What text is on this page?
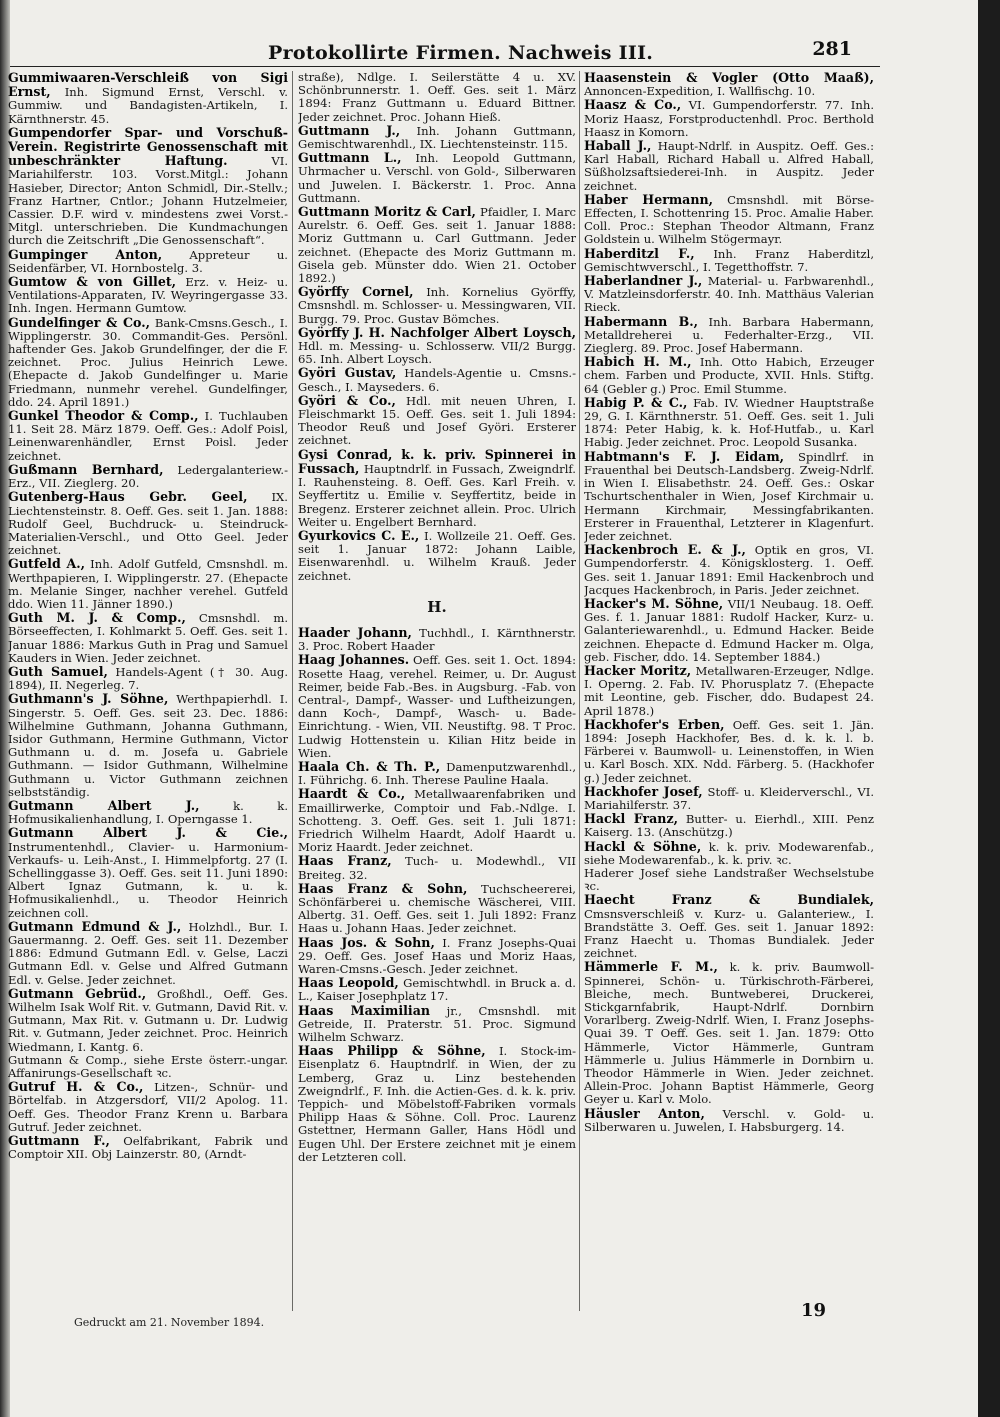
Protokollirte Firmen. Nachweis III.	281
Gummiwaaren-Verschleiß von Sigi Ernst, Inh. Sigmund Ernst, Verschl. v. Gummiw. und Bandagisten-Artikeln, I. Kärnthnerstr. 45.
Gumpendorfer Spar- und Vorschuß-Verein. Registrirte Genossenschaft mit unbeschränkter Haftung.	VI. Mariahilferstr. 103. Vorst.Mitgl.: Johann Hasieber, Director; Anton Schmidl, Dir.-Stellv.; Franz Hartner, Cntlor.; Johann Hutzelmeier, Cassier. D.F. wird v. mindestens zwei Vorst.-Mitgl. unterschrieben. Die Kundmachungen durch die Zeitschrift „Die Genossenschaft“.
Gumpinger Anton, Appreteur u. Seidenfärber, VI. Hornbostelg. 3.
Gumtow & von Gillet, Erz. v. Heiz- u. Ventilations-Apparaten, IV. Weyringergasse 33. Inh. Ingen. Hermann Gumtow.
Gundelfinger & Co., Bank-Cmsns.Gesch., I. Wipplingerstr. 30. Commandit-Ges. Persönl. haftender Ges. Jakob Grundelfinger, der die F. zeichnet. Proc. Julius Heinrich Lewe. (Ehepacte d. Jakob Gundelfinger u. Marie Friedmann, nunmehr verehel. Gundelfinger, ddo. 24. April 1891.)
Gunkel Theodor & Comp., I. Tuchlauben 11. Seit 28. März 1879. Oeff. Ges.: Adolf Poisl, Leinenwarenhändler, Ernst Poisl. Jeder zeichnet.
Gußmann Bernhard, Ledergalanteriew.-Erz., VII. Zieglerg. 20.
Gutenberg-Haus Gebr. Geel, IX. Liechtensteinstr. 8. Oeff. Ges. seit 1. Jan. 1888: Rudolf Geel, Buchdruck- u. Steindruck-Materialien-Verschl., und Otto Geel. Jeder zeichnet.
Gutfeld A., Inh. Adolf Gutfeld, Cmsnshdl. m. Werthpapieren, I. Wipplingerstr. 27. (Ehepacte m. Melanie Singer, nachher verehel. Gutfeld ddo. Wien 11. Jänner 1890.)
Guth M. J. & Comp., Cmsnshdl. m. Börseeffecten, I. Kohlmarkt 5. Oeff. Ges. seit 1. Januar 1886: Markus Guth in Prag und Samuel Kauders in Wien. Jeder zeichnet.
Guth Samuel, Handels-Agent († 30. Aug. 1894), II. Negerleg. 7.
Guthmann's J. Söhne, Werthpapierhdl. I. Singerstr. 5. Oeff. Ges. seit 23. Dec. 1886: Wilhelmine Guthmann, Johanna Guthmann, Isidor Guthmann, Hermine Guthmann, Victor Guthmann u. d. m. Josefa u. Gabriele Guthmann. — Isidor Guthmann, Wilhelmine Guthmann u. Victor Guthmann zeichnen selbstständig.
Gutmann Albert J.,	k. k. Hofmusikalienhandlung, I. Operngasse 1.
Gutmann Albert J. & Cie., Instrumentenhdl., Clavier- u. Harmonium-Verkaufs- u. Leih-Anst., I. Himmelpfortg. 27 (I. Schellinggasse 3). Oeff. Ges. seit 11. Juni 1890: Albert Ignaz Gutmann, k. u. k. Hofmusikalienhdl., u. Theodor Heinrich zeichnen coll.
Gutmann Edmund & J., Holzhdl., Bur. I. Gauermanng. 2. Oeff. Ges. seit 11. Dezember 1886: Edmund Gutmann Edl. v. Gelse, Laczi Gutmann Edl. v. Gelse und Alfred Gutmann Edl. v. Gelse. Jeder zeichnet.
Gutmann Gebrüd., Großhdl., Oeff. Ges. Wilhelm Isak Wolf Rit. v. Gutmann, David Rit. v. Gutmann, Max Rit. v. Gutmann u. Dr. Ludwig Rit. v. Gutmann, Jeder zeichnet. Proc. Heinrich Wiedmann, I. Kantg. 6.
Gutmann & Comp., siehe Erste österr.-ungar. Affanirungs-Gesellschaft ꝛc.
Gutruf H. & Co., Litzen-, Schnür- und Börtelfab. in Atzgersdorf, VII/2 Apolog. 11. Oeff. Ges. Theodor Franz Krenn u. Barbara Gutruf. Jeder zeichnet.
Guttmann F., Oelfabrikant, Fabrik und Comptoir XII. Obj Lainzerstr. 80, (Arndt-
straße), Ndlge. I. Seilerstätte 4 u. XV. Schönbrunnerstr. 1. Oeff. Ges. seit 1. März 1894: Franz Guttmann u. Eduard Bittner. Jeder zeichnet. Proc. Johann Hieß.
Guttmann J., Inh. Johann Guttmann, Gemischtwarenhdl., IX. Liechtensteinstr. 115.
Guttmann L., Inh. Leopold Guttmann, Uhrmacher u. Verschl. von Gold-, Silberwaren und Juwelen. I. Bäckerstr. 1. Proc. Anna Guttmann.
Guttmann Moritz & Carl, Pfaidler, I. Marc Aurelstr. 6. Oeff. Ges. seit 1. Januar 1888: Moriz Guttmann u. Carl Guttmann. Jeder zeichnet. (Ehepacte des Moriz Guttmann m. Gisela geb. Münster ddo. Wien 21. October 1892.)
Györffy Cornel, Inh. Kornelius Györffy, Cmsnshdl. m. Schlosser- u. Messingwaren, VII. Burgg. 79. Proc. Gustav Bömches.
Györffy J. H. Nachfolger Albert Loysch, Hdl. m. Messing- u. Schlosserw. VII/2 Burgg. 65. Inh. Albert Loysch.
Györi Gustav, Handels-Agentie u. Cmsns.-Gesch., I. Mayseders. 6.
Györi & Co., Hdl. mit neuen Uhren, I. Fleischmarkt 15. Oeff. Ges. seit 1. Juli 1894: Theodor Reuß und Josef Györi. Ersterer zeichnet.
Gysi Conrad, k. k. priv. Spinnerei in Fussach, Hauptndrlf. in Fussach, Zweigndrlf. I. Rauhensteing. 8. Oeff. Ges. Karl Freih. v. Seyffertitz u. Emilie v. Seyffertitz, beide in Bregenz. Ersterer zeichnet allein. Proc. Ulrich Weiter u. Engelbert Bernhard.
Gyurkovics C. E., I. Wollzeile 21. Oeff. Ges. seit 1. Januar 1872: Johann Laible, Eisenwarenhdl. u. Wilhelm Krauß. Jeder zeichnet.
H.
Haader Johann, Tuchhdl., I. Kärnthnerstr. 3. Proc. Robert Haader
Haag Johannes. Oeff. Ges. seit 1. Oct. 1894: Rosette Haag, verehel. Reimer, u. Dr. August Reimer, beide Fab.-Bes. in Augsburg. -Fab. von Central-, Dampf-, Wasser- und Luftheizungen, dann Koch-, Dampf-, Wasch- u. Bade-Einrichtung. - Wien, VII. Neustiftg. 98. T Proc. Ludwig Hottenstein u. Kilian Hitz beide in Wien.
Haala Ch. & Th. P., Damenputzwarenhdl., I. Führichg. 6. Inh. Therese Pauline Haala.
Haardt & Co., Metallwaarenfabriken und Emaillirwerke, Comptoir und Fab.-Ndlge. I. Schotteng. 3. Oeff. Ges. seit 1. Juli 1871: Friedrich Wilhelm Haardt, Adolf Haardt u. Moriz Haardt. Jeder zeichnet.
Haas Franz, Tuch- u. Modewhdl., VII Breiteg. 32.
Haas Franz & Sohn, Tuchscheererei, Schönfärberei u. chemische Wäscherei, VIII. Albertg. 31. Oeff. Ges. seit 1. Juli 1892: Franz Haas u. Johann Haas. Jeder zeichnet.
Haas Jos. & Sohn, I. Franz Josephs-Quai 29. Oeff. Ges. Josef Haas und Moriz Haas, Waren-Cmsns.-Gesch. Jeder zeichnet.
Haas Leopold, Gemischtwhdl. in Bruck a. d. L., Kaiser Josephplatz 17.
Haas Maximilian jr., Cmsnshdl. mit Getreide, II. Praterstr. 51. Proc. Sigmund Wilhelm Schwarz.
Haas Philipp & Söhne, I. Stock-im-Eisenplatz 6. Hauptndrlf. in Wien, der zu Lemberg, Graz u. Linz bestehenden Zweigndrlf., F. Inh. die Actien-Ges. d. k. k. priv. Teppich- und Möbelstoff-Fabriken vormals Philipp Haas & Söhne. Coll. Proc. Laurenz Gstettner, Hermann Galler, Hans Hödl und Eugen Uhl. Der Erstere zeichnet mit je einem der Letzteren coll.
Haasenstein & Vogler (Otto Maaß), Annoncen-Expedition, I. Wallfischg. 10.
Haasz & Co., VI. Gumpendorferstr. 77. Inh. Moriz Haasz, Forstproductenhdl. Proc. Berthold Haasz in Komorn.
Haball J., Haupt-Ndrlf. in Auspitz. Oeff. Ges.: Karl Haball, Richard Haball u. Alfred Haball, Süßholzsaftsiederei-Inh. in Auspitz. Jeder zeichnet.
Haber Hermann, Cmsnshdl. mit Börse-Effecten, I. Schottenring 15. Proc. Amalie Haber. Coll. Proc.: Stephan Theodor Altmann, Franz Goldstein u. Wilhelm Stögermayr.
Haberditzl F., Inh. Franz Haberditzl, Gemischtwverschl., I. Tegetthoffstr. 7.
Haberlandner J., Material- u. Farbwarenhdl., V. Matzleinsdorferstr. 40. Inh. Matthäus Valerian Rieck.
Habermann B., Inh. Barbara Habermann, Metalldreherei u. Federhalter-Erzg., VII. Zieglerg. 89. Proc. Josef Habermann.
Habich H. M., Inh. Otto Habich, Erzeuger chem. Farben und Producte, XVII. Hnls. Stiftg. 64 (Gebler g.) Proc. Emil Stumme.
Habig P. & C., Fab. IV. Wiedner Hauptstraße 29, G. I. Kärnthnerstr. 51. Oeff. Ges. seit 1. Juli 1874: Peter Habig, k. k. Hof-Hutfab., u. Karl Habig. Jeder zeichnet. Proc. Leopold Susanka.
Habtmann's F. J. Eidam, Spindlrf. in Frauenthal bei Deutsch-Landsberg. Zweig-Ndrlf. in Wien I. Elisabethstr. 24. Oeff. Ges.: Oskar Tschurtschenthaler in Wien, Josef Kirchmair u. Hermann Kirchmair, Messingfabrikanten. Ersterer in Frauenthal, Letzterer in Klagenfurt. Jeder zeichnet.
Hackenbroch E. & J., Optik en gros, VI. Gumpendorferstr. 4. Königsklosterg. 1. Oeff. Ges. seit 1. Januar 1891: Emil Hackenbroch und Jacques Hackenbroch, in Paris. Jeder zeichnet.
Hacker's M. Söhne, VII/1 Neubaug. 18. Oeff. Ges. f. 1. Januar 1881: Rudolf Hacker, Kurz- u. Galanteriewarenhdl., u. Edmund Hacker. Beide zeichnen. Ehepacte d. Edmund Hacker m. Olga, geb. Fischer, ddo. 14. September 1884.)
Hacker Moritz, Metallwaren-Erzeuger, Ndlge. I. Operng. 2. Fab. IV. Phorusplatz 7. (Ehepacte mit Leontine, geb. Fischer, ddo. Budapest 24. April 1878.)
Hackhofer's Erben, Oeff. Ges. seit 1. Jän. 1894: Joseph Hackhofer, Bes. d. k. k. l. b. Färberei v. Baumwoll- u. Leinenstoffen, in Wien u. Karl Bosch. XIX. Ndd. Färberg. 5. (Hackhofer g.) Jeder zeichnet.
Hackhofer Josef, Stoff- u. Kleiderverschl., VI. Mariahilferstr. 37.
Hackl Franz, Butter- u. Eierhdl., XIII. Penz Kaiserg. 13. (Anschützg.)
Hackl & Söhne, k. k. priv. Modewarenfab., siehe Modewarenfab., k. k. priv. ꝛc.
Haderer Josef siehe Landstraßer Wechselstube ꝛc.
Haecht Franz & Bundialek, Cmsnsverschleiß v. Kurz- u. Galanteriew., I. Brandstätte 3. Oeff. Ges. seit 1. Januar 1892: Franz Haecht u. Thomas Bundialek. Jeder zeichnet.
Hämmerle F. M., k. k. priv. Baumwoll-Spinnerei, Schön- u. Türkischroth-Färberei, Bleiche, mech. Buntweberei, Druckerei, Stickgarnfabrik, Haupt-Ndrlf. Dornbirn Vorarlberg. Zweig-Ndrlf. Wien, I. Franz Josephs-Quai 39. T Oeff. Ges. seit 1. Jan. 1879: Otto Hämmerle, Victor Hämmerle, Guntram Hämmerle u. Julius Hämmerle in Dornbirn u. Theodor Hämmerle in Wien. Jeder zeichnet. Allein-Proc. Johann Baptist Hämmerle, Georg Geyer u. Karl v. Molo.
Häusler Anton, Verschl. v. Gold- u. Silberwaren u. Juwelen, I. Habsburgerg. 14.
Gedruckt am 21. November 1894.
19
